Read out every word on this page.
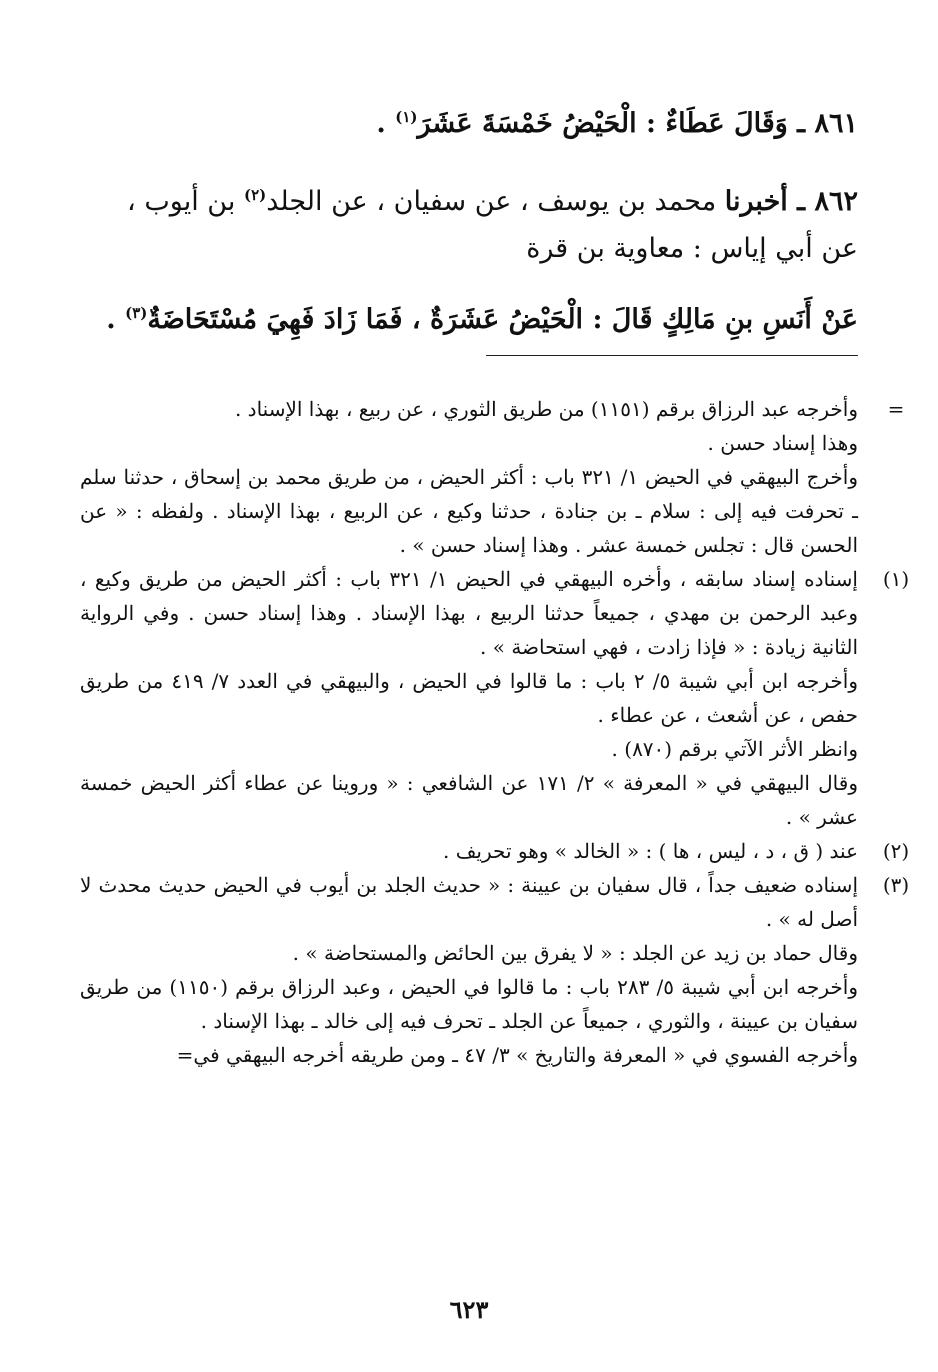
٨٦١ ـ وَقَالَ عَطَاءٌ : الْحَيْضُ خَمْسَةَ عَشَرَ$^{(١)}$ .
٨٦٢ ـ أخبرنا محمد بن يوسف ، عن سفيان ، عن الجلد$^{(٢)}$ بن أيوب ،
عن أبي إياس : معاوية بن قرة
عَنْ أَنَسِ بنِ مَالِكٍ قَالَ : الْحَيْضُ عَشَرَةٌ ، فَمَا زَادَ فَهِيَ مُسْتَحَاضَةٌ$^{(٣)}$ .
=

وأخرجه عبد الرزاق برقم (١١٥١) من طريق الثوري ، عن ربيع ، بهذا الإسناد .

وهذا إسناد حسن .

وأخرج البيهقي في الحيض ١/ ٣٢١ باب : أكثر الحيض ، من طريق محمد بن إسحاق ، حدثنا سلم ـ تحرفت فيه إلى : سلام ـ بن جنادة ، حدثنا وكيع ، عن الربيع ، بهذا الإسناد . ولفظه : « عن الحسن قال : تجلس خمسة عشر . وهذا إسناد حسن » .

(١)

إسناده إسناد سابقه ، وأخره البيهقي في الحيض ١/ ٣٢١ باب : أكثر الحيض من طريق وكيع ، وعبد الرحمن بن مهدي ، جميعاً حدثنا الربيع ، بهذا الإسناد . وهذا إسناد حسن . وفي الرواية الثانية زيادة : « فإذا زادت ، فهي استحاضة » .

وأخرجه ابن أبي شيبة ٥/ ٢ باب : ما قالوا في الحيض ، والبيهقي في العدد ٧/ ٤١٩ من طريق حفص ، عن أشعث ، عن عطاء .

وانظر الأثر الآتي برقم (٨٧٠) .

وقال البيهقي في « المعرفة » ٢/ ١٧١ عن الشافعي : « وروينا عن عطاء أكثر الحيض خمسة عشر » .

(٢)

عند ( ق ، د ، ليس ، ها ) : « الخالد » وهو تحريف .

(٣)

إسناده ضعيف جداً ، قال سفيان بن عيينة : « حديث الجلد بن أيوب في الحيض حديث محدث لا أصل له » .

وقال حماد بن زيد عن الجلد : « لا يفرق بين الحائض والمستحاضة » .

وأخرجه ابن أبي شيبة ٥/ ٢٨٣ باب : ما قالوا في الحيض ، وعبد الرزاق برقم (١١٥٠) من طريق سفيان بن عيينة ، والثوري ، جميعاً عن الجلد ـ تحرف فيه إلى خالد ـ بهذا الإسناد .

وأخرجه الفسوي في « المعرفة والتاريخ » ٣/ ٤٧ ـ ومن طريقه أخرجه البيهقي في=

٦٢٣
